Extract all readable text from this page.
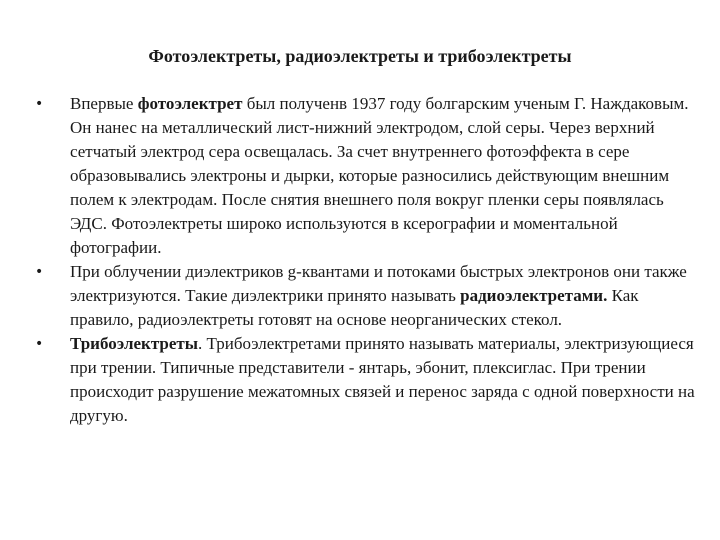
Фотоэлектреты, радиоэлектреты и трибоэлектреты
• Впервые фотоэлектрет был полученв 1937 году болгарским ученым Г. Наждаковым. Он нанес на металлический лист-нижний электродом, слой серы. Через верхний сетчатый электрод сера освещалась. За счет внутреннего фотоэффекта в сере образовывались электроны и дырки, которые разносились действующим внешним полем к электродам. После снятия внешнего поля вокруг пленки серы появлялась ЭДС. Фотоэлектреты широко используются в ксерографии и моментальной фотографии.
• При облучении диэлектриков g-квантами и потоками быстрых электронов они также электризуются. Такие диэлектрики принято называть радиоэлектретами. Как правило, радиоэлектреты готовят на основе неорганических стекол.
• Трибоэлектреты. Трибоэлектретами принято называть материалы, электризующиеся при трении. Типичные представители - янтарь, эбонит, плексиглас. При трении происходит разрушение межатомных связей и перенос заряда с одной поверхности на другую.
